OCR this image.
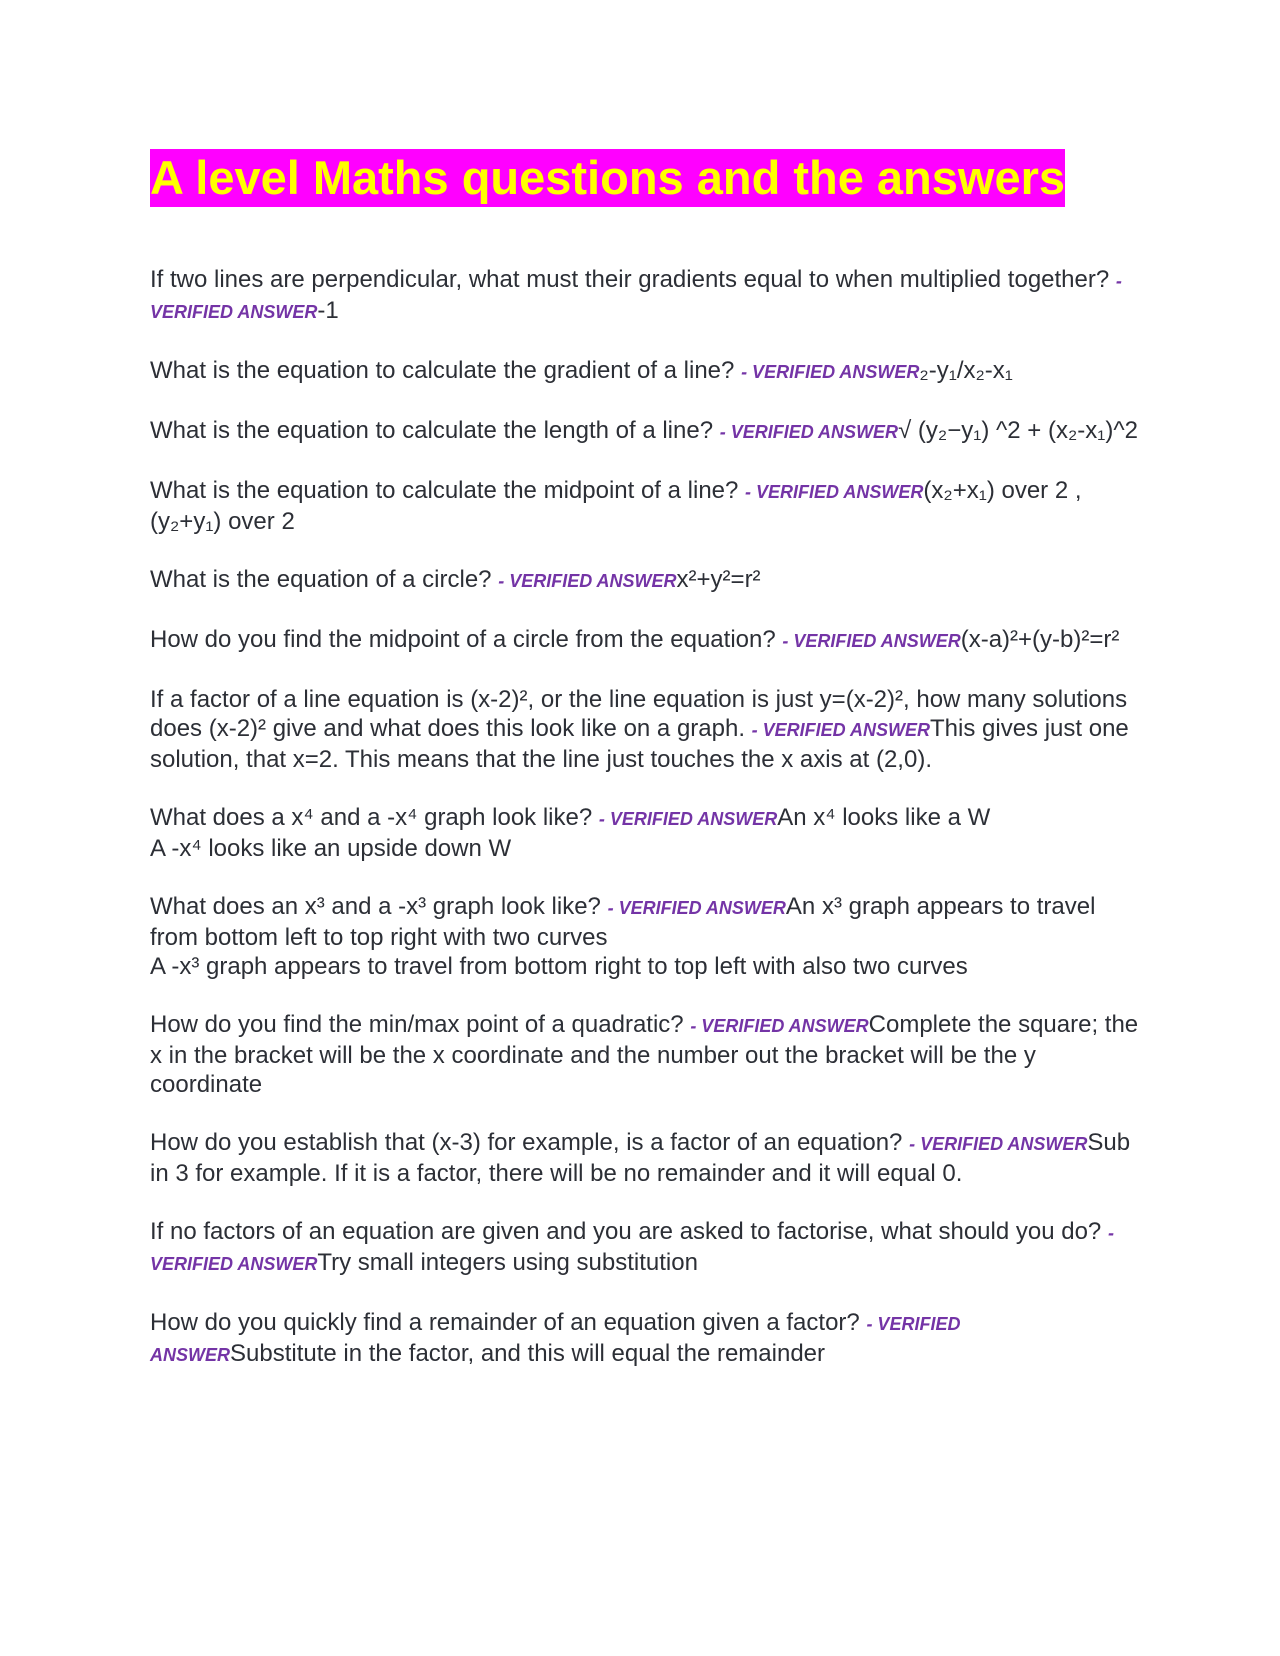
A level Maths questions and the answers

If two lines are perpendicular, what must their gradients equal to when multiplied together? - VERIFIED ANSWER-1

What is the equation to calculate the gradient of a line? - VERIFIED ANSWER₂-y₁/x₂-x₁

What is the equation to calculate the length of a line? - VERIFIED ANSWER√ (y₂−y₁) ^2 + (x₂-x₁)^2

What is the equation to calculate the midpoint of a line? - VERIFIED ANSWER(x₂+x₁) over 2 , (y₂+y₁) over 2

What is the equation of a circle? - VERIFIED ANSWERx²+y²=r²

How do you find the midpoint of a circle from the equation? - VERIFIED ANSWER(x-a)²+(y-b)²=r²

If a factor of a line equation is (x-2)², or the line equation is just y=(x-2)², how many solutions does (x-2)² give and what does this look like on a graph. - VERIFIED ANSWERThis gives just one solution, that x=2. This means that the line just touches the x axis at (2,0).

What does a x⁴ and a -x⁴ graph look like? - VERIFIED ANSWERAn x⁴ looks like a W
A -x⁴ looks like an upside down W

What does an x³ and a -x³ graph look like? - VERIFIED ANSWERAn x³ graph appears to travel from bottom left to top right with two curves
A -x³ graph appears to travel from bottom right to top left with also two curves

How do you find the min/max point of a quadratic? - VERIFIED ANSWERComplete the square; the x in the bracket will be the x coordinate and the number out the bracket will be the y coordinate

How do you establish that (x-3) for example, is a factor of an equation? - VERIFIED ANSWERSub in 3 for example. If it is a factor, there will be no remainder and it will equal 0.

If no factors of an equation are given and you are asked to factorise, what should you do? - VERIFIED ANSWERTry small integers using substitution

How do you quickly find a remainder of an equation given a factor? - VERIFIED ANSWERSubstitute in the factor, and this will equal the remainder
